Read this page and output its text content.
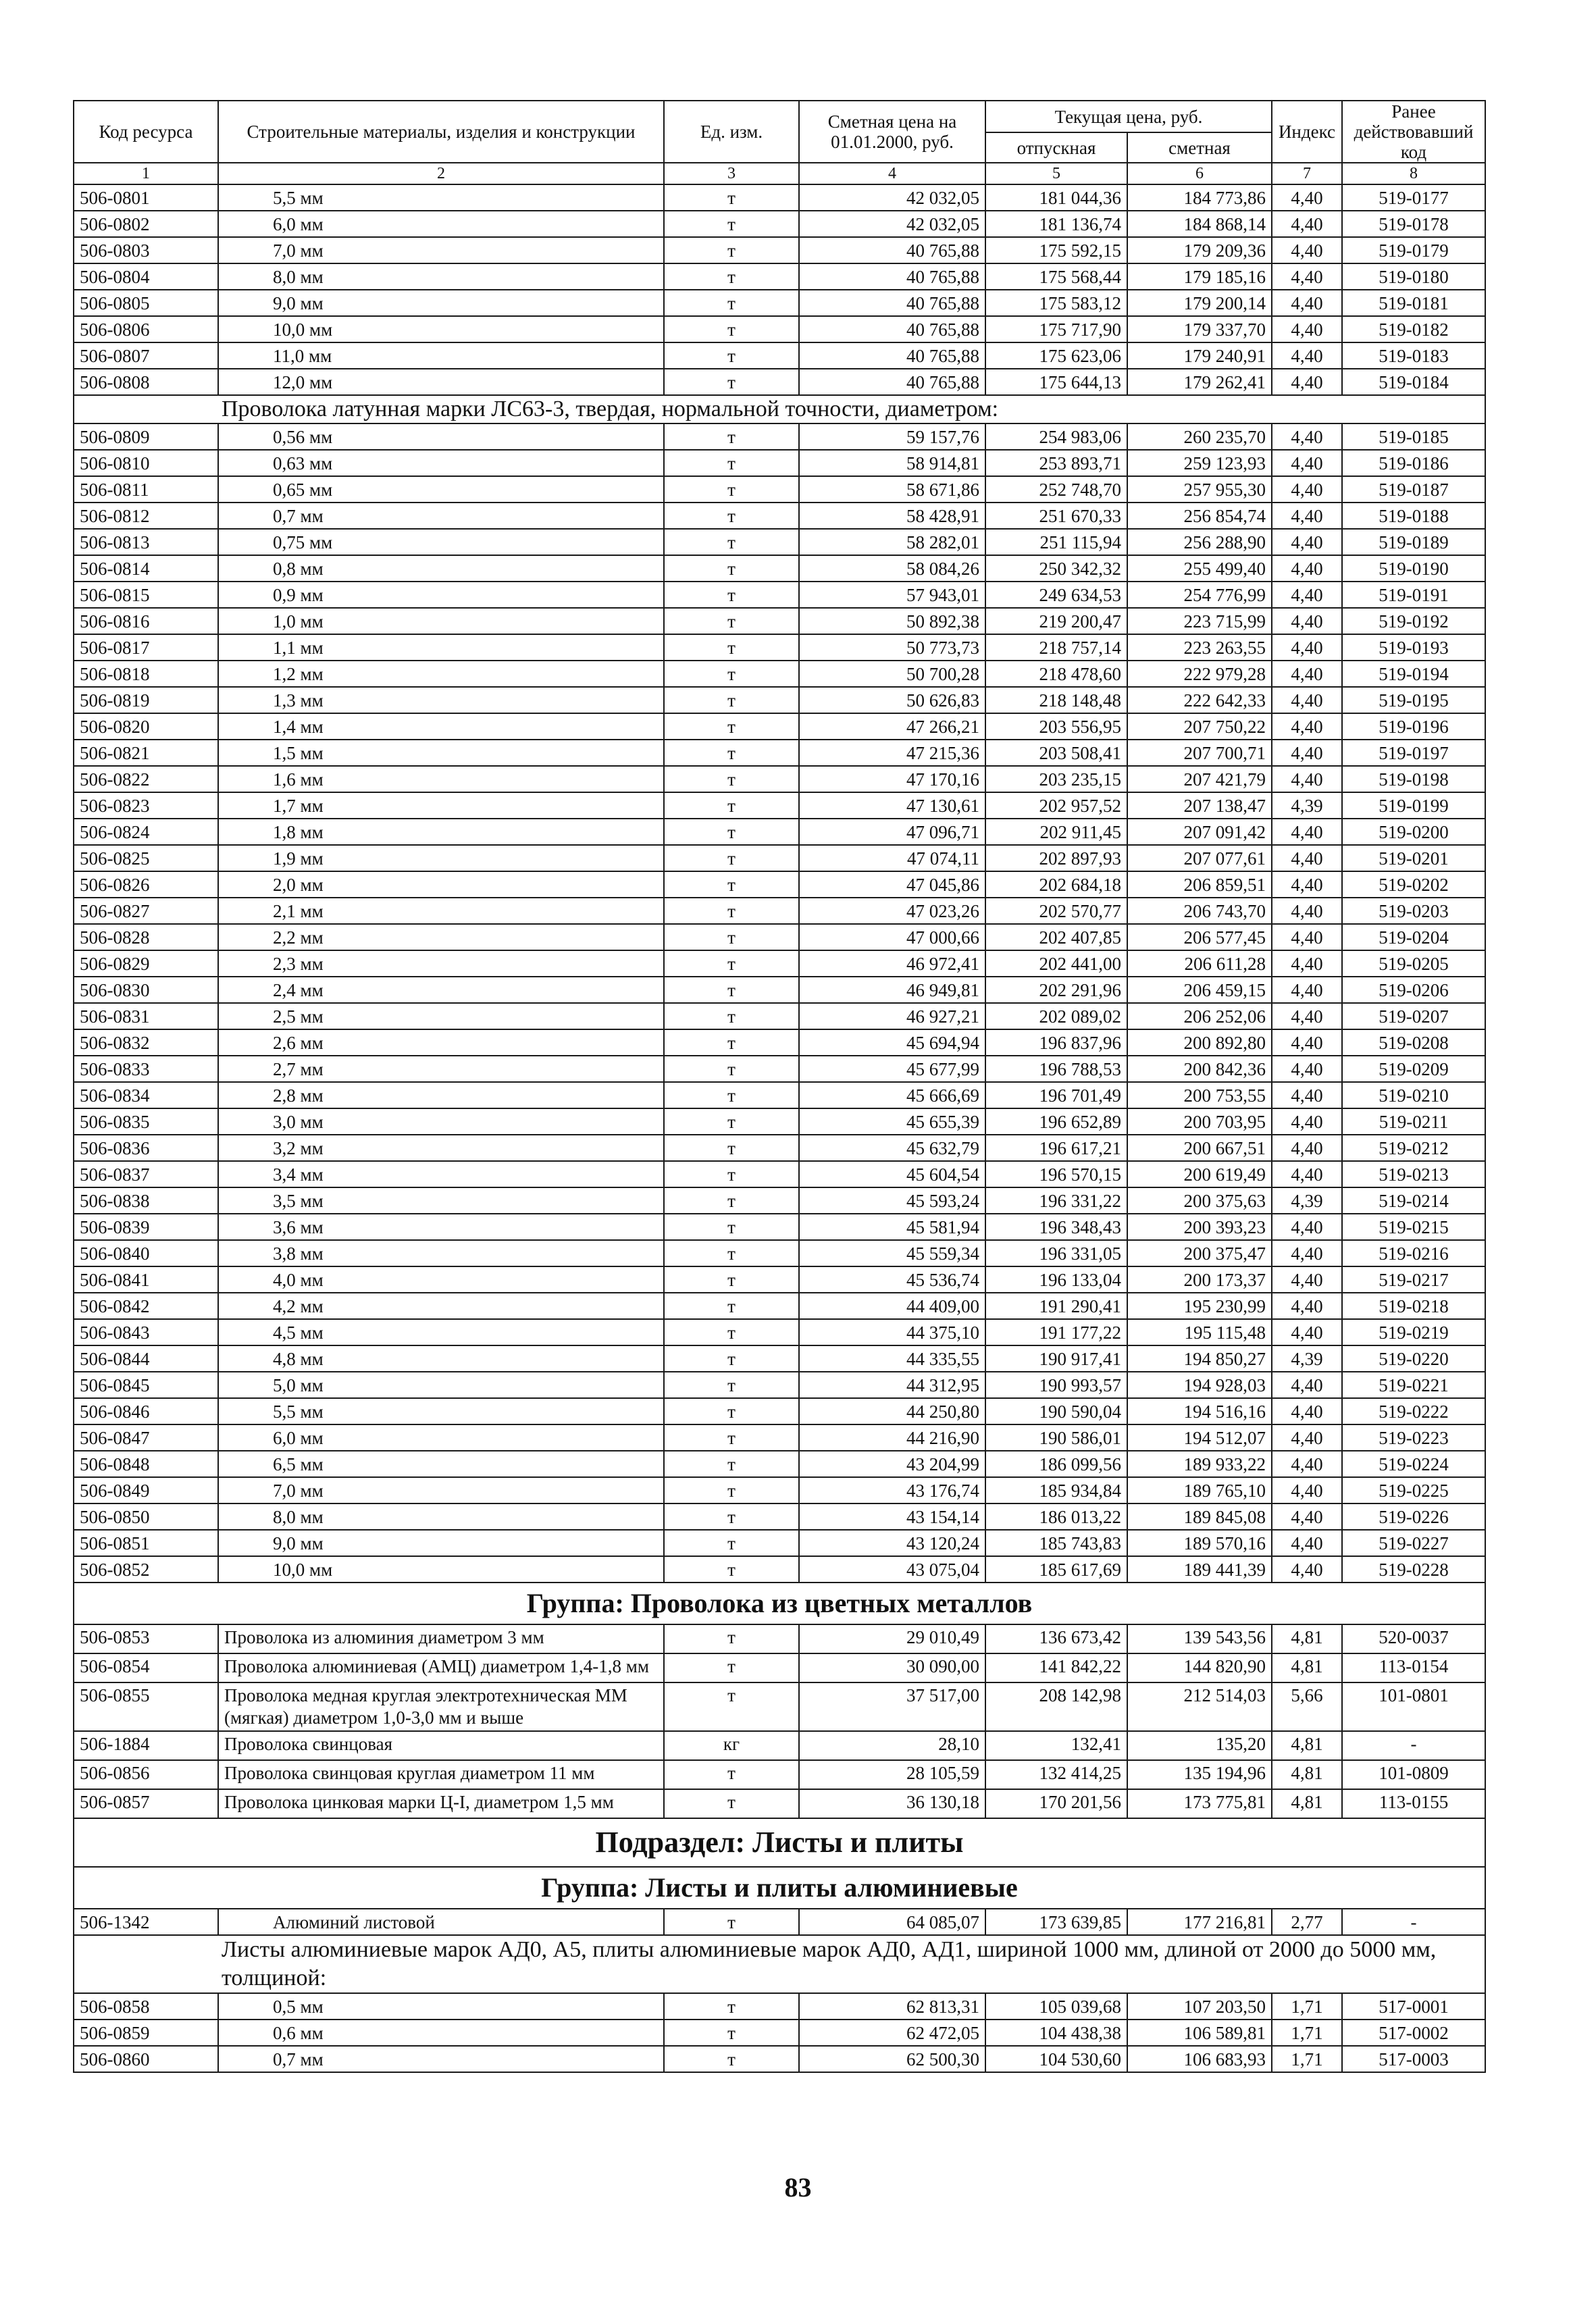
Код ресурса	Строительные материалы, изделия и конструкции	Ед. изм.	Сметная цена на 01.01.2000, руб.	Текущая цена, руб.		Индекс	Ранее действовавший код
				отпускная	сметная		
1	2	3	4	5	6	7	8
506-0801	5,5 мм	т	42 032,05	181 044,36	184 773,86	4,40	519-0177
506-0802	6,0 мм	т	42 032,05	181 136,74	184 868,14	4,40	519-0178
506-0803	7,0 мм	т	40 765,88	175 592,15	179 209,36	4,40	519-0179
506-0804	8,0 мм	т	40 765,88	175 568,44	179 185,16	4,40	519-0180
506-0805	9,0 мм	т	40 765,88	175 583,12	179 200,14	4,40	519-0181
506-0806	10,0 мм	т	40 765,88	175 717,90	179 337,70	4,40	519-0182
506-0807	11,0 мм	т	40 765,88	175 623,06	179 240,91	4,40	519-0183
506-0808	12,0 мм	т	40 765,88	175 644,13	179 262,41	4,40	519-0184
Проволока латунная марки ЛС63-3, твердая, нормальной точности, диаметром:							
506-0809	0,56 мм	т	59 157,76	254 983,06	260 235,70	4,40	519-0185
506-0810	0,63 мм	т	58 914,81	253 893,71	259 123,93	4,40	519-0186
506-0811	0,65 мм	т	58 671,86	252 748,70	257 955,30	4,40	519-0187
506-0812	0,7 мм	т	58 428,91	251 670,33	256 854,74	4,40	519-0188
506-0813	0,75 мм	т	58 282,01	251 115,94	256 288,90	4,40	519-0189
506-0814	0,8 мм	т	58 084,26	250 342,32	255 499,40	4,40	519-0190
506-0815	0,9 мм	т	57 943,01	249 634,53	254 776,99	4,40	519-0191
506-0816	1,0 мм	т	50 892,38	219 200,47	223 715,99	4,40	519-0192
506-0817	1,1 мм	т	50 773,73	218 757,14	223 263,55	4,40	519-0193
506-0818	1,2 мм	т	50 700,28	218 478,60	222 979,28	4,40	519-0194
506-0819	1,3 мм	т	50 626,83	218 148,48	222 642,33	4,40	519-0195
506-0820	1,4 мм	т	47 266,21	203 556,95	207 750,22	4,40	519-0196
506-0821	1,5 мм	т	47 215,36	203 508,41	207 700,71	4,40	519-0197
506-0822	1,6 мм	т	47 170,16	203 235,15	207 421,79	4,40	519-0198
506-0823	1,7 мм	т	47 130,61	202 957,52	207 138,47	4,39	519-0199
506-0824	1,8 мм	т	47 096,71	202 911,45	207 091,42	4,40	519-0200
506-0825	1,9 мм	т	47 074,11	202 897,93	207 077,61	4,40	519-0201
506-0826	2,0 мм	т	47 045,86	202 684,18	206 859,51	4,40	519-0202
506-0827	2,1 мм	т	47 023,26	202 570,77	206 743,70	4,40	519-0203
506-0828	2,2 мм	т	47 000,66	202 407,85	206 577,45	4,40	519-0204
506-0829	2,3 мм	т	46 972,41	202 441,00	206 611,28	4,40	519-0205
506-0830	2,4 мм	т	46 949,81	202 291,96	206 459,15	4,40	519-0206
506-0831	2,5 мм	т	46 927,21	202 089,02	206 252,06	4,40	519-0207
506-0832	2,6 мм	т	45 694,94	196 837,96	200 892,80	4,40	519-0208
506-0833	2,7 мм	т	45 677,99	196 788,53	200 842,36	4,40	519-0209
506-0834	2,8 мм	т	45 666,69	196 701,49	200 753,55	4,40	519-0210
506-0835	3,0 мм	т	45 655,39	196 652,89	200 703,95	4,40	519-0211
506-0836	3,2 мм	т	45 632,79	196 617,21	200 667,51	4,40	519-0212
506-0837	3,4 мм	т	45 604,54	196 570,15	200 619,49	4,40	519-0213
506-0838	3,5 мм	т	45 593,24	196 331,22	200 375,63	4,39	519-0214
506-0839	3,6 мм	т	45 581,94	196 348,43	200 393,23	4,40	519-0215
506-0840	3,8 мм	т	45 559,34	196 331,05	200 375,47	4,40	519-0216
506-0841	4,0 мм	т	45 536,74	196 133,04	200 173,37	4,40	519-0217
506-0842	4,2 мм	т	44 409,00	191 290,41	195 230,99	4,40	519-0218
506-0843	4,5 мм	т	44 375,10	191 177,22	195 115,48	4,40	519-0219
506-0844	4,8 мм	т	44 335,55	190 917,41	194 850,27	4,39	519-0220
506-0845	5,0 мм	т	44 312,95	190 993,57	194 928,03	4,40	519-0221
506-0846	5,5 мм	т	44 250,80	190 590,04	194 516,16	4,40	519-0222
506-0847	6,0 мм	т	44 216,90	190 586,01	194 512,07	4,40	519-0223
506-0848	6,5 мм	т	43 204,99	186 099,56	189 933,22	4,40	519-0224
506-0849	7,0 мм	т	43 176,74	185 934,84	189 765,10	4,40	519-0225
506-0850	8,0 мм	т	43 154,14	186 013,22	189 845,08	4,40	519-0226
506-0851	9,0 мм	т	43 120,24	185 743,83	189 570,16	4,40	519-0227
506-0852	10,0 мм	т	43 075,04	185 617,69	189 441,39	4,40	519-0228
Группа: Проволока из цветных металлов							
506-0853	Проволока из алюминия диаметром 3 мм	т	29 010,49	136 673,42	139 543,56	4,81	520-0037
506-0854	Проволока алюминиевая (АМЦ) диаметром 1,4-1,8 мм	т	30 090,00	141 842,22	144 820,90	4,81	113-0154
506-0855	Проволока медная круглая электротехническая ММ (мягкая) диаметром 1,0-3,0 мм и выше	т	37 517,00	208 142,98	212 514,03	5,66	101-0801
506-1884	Проволока свинцовая	кг	28,10	132,41	135,20	4,81	-
506-0856	Проволока свинцовая круглая диаметром 11 мм	т	28 105,59	132 414,25	135 194,96	4,81	101-0809
506-0857	Проволока цинковая марки Ц-I, диаметром 1,5 мм	т	36 130,18	170 201,56	173 775,81	4,81	113-0155
Подраздел: Листы и плиты							
Группа: Листы и плиты алюминиевые							
506-1342	Алюминий листовой	т	64 085,07	173 639,85	177 216,81	2,77	-
Листы алюминиевые марок АД0, А5, плиты алюминиевые марок АД0, АД1, шириной 1000 мм, длиной от 2000 до 5000 мм, толщиной:							
506-0858	0,5 мм	т	62 813,31	105 039,68	107 203,50	1,71	517-0001
506-0859	0,6 мм	т	62 472,05	104 438,38	106 589,81	1,71	517-0002
506-0860	0,7 мм	т	62 500,30	104 530,60	106 683,93	1,71	517-0003
83
